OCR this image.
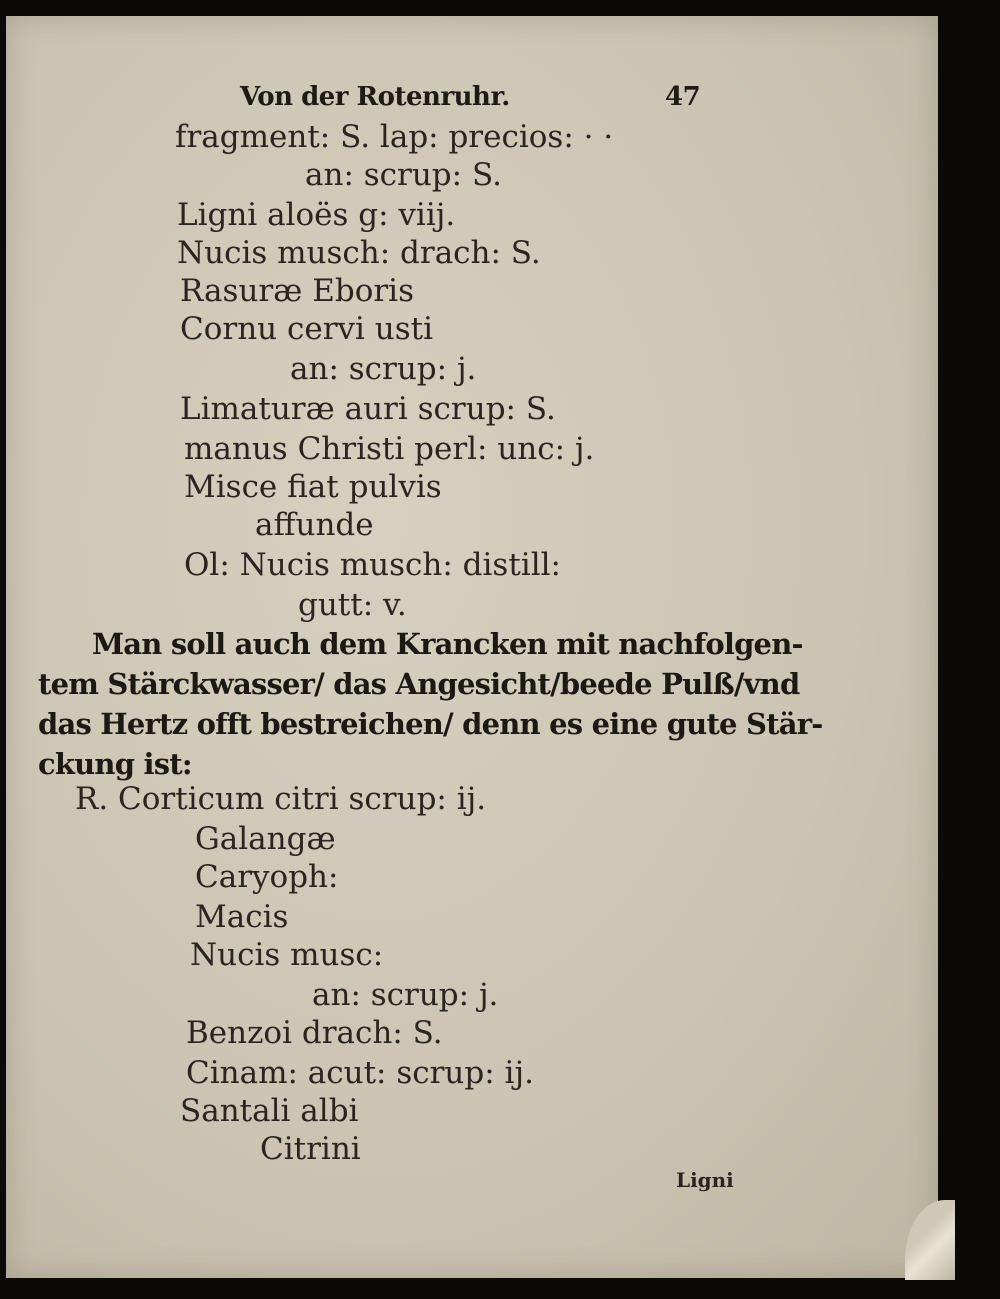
Von der Rotenruhr.	47
fragment: S. lap: precios: · ·
an: scrup: S.
Ligni aloës g: viij.
Nucis musch: drach: S.
Rasuræ Eboris
Cornu cervi usti
an: scrup: j.
Limaturæ auri scrup: S.
manus Christi perl: unc: j.
Misce fiat pulvis
affunde
Ol: Nucis musch: distill:
gutt: v.
Man soll auch dem Krancken mit nachfolgen-
tem Stärckwasser/ das Angesicht/beede Pulß/vnd
das Hertz offt bestreichen/ denn es eine gute Stär-
ckung ist:
R. Corticum citri scrup: ij.
Galangæ
Caryoph:
Macis
Nucis musc:
an: scrup: j.
Benzoi drach: S.
Cinam: acut: scrup: ij.
Santali albi
Citrini
Ligni
